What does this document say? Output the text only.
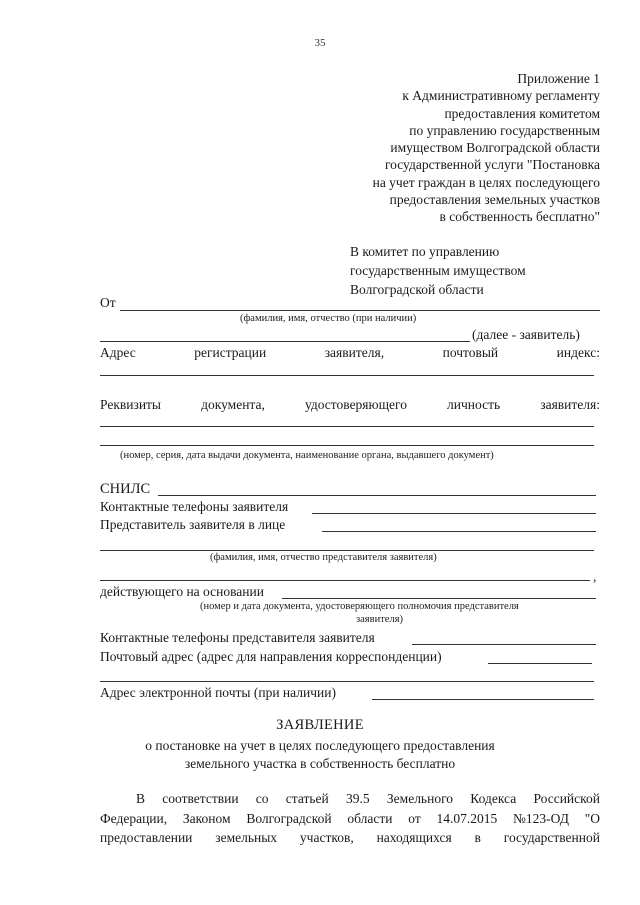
35
Приложение 1
к Административному регламенту
предоставления комитетом
по управлению государственным
имуществом Волгоградской области
государственной услуги "Постановка
на учет граждан в целях последующего
предоставления земельных участков
в собственность бесплатно"
В комитет по управлению
государственным имуществом
Волгоградской области
От
(фамилия, имя, отчество (при наличии)
(далее - заявитель)
Адрес	регистрации	заявителя,	почтовый	индекс:
Реквизиты	документа,	удостоверяющего	личность	заявителя:
(номер, серия, дата выдачи документа, наименование органа, выдавшего документ)
СНИЛС
Контактные телефоны заявителя
Представитель заявителя в лице
(фамилия, имя, отчество представителя заявителя)
,
действующего на основании
(номер и дата документа, удостоверяющего полномочия представителя
заявителя)
Контактные телефоны представителя заявителя
Почтовый адрес (адрес для направления корреспонденции)
Адрес электронной почты (при наличии)
ЗАЯВЛЕНИЕ
о постановке на учет в целях последующего предоставления
земельного участка в собственность бесплатно
В соответствии со статьей 39.5 Земельного Кодекса Российской
Федерации, Законом Волгоградской области от 14.07.2015 №123-ОД "О
предоставлении земельных участков, находящихся в государственной
